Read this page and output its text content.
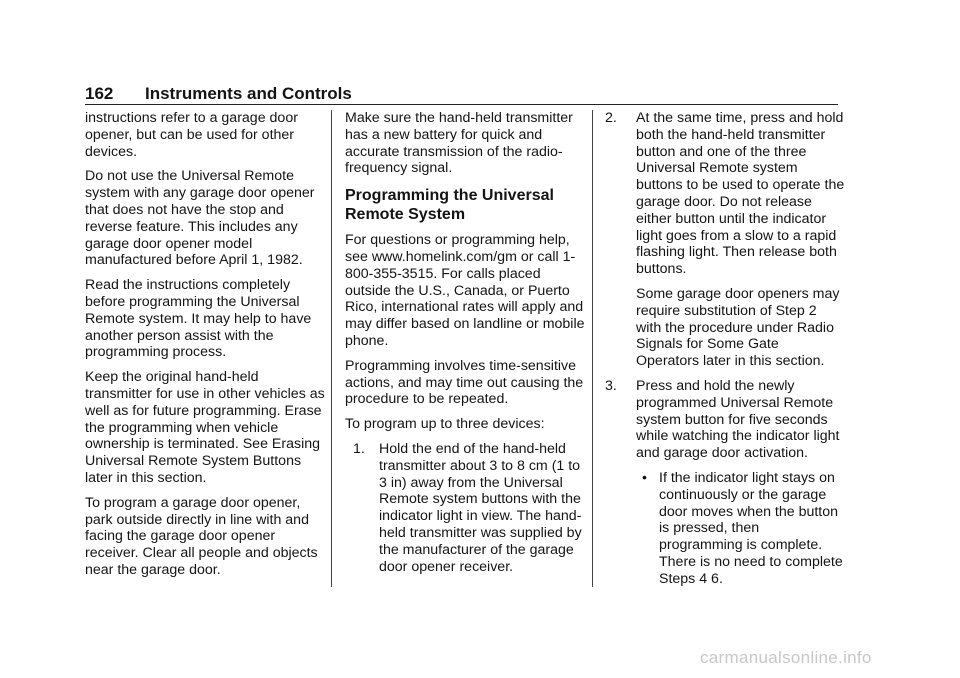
162 Instruments and Controls

instructions refer to a garage door opener, but can be used for other devices.

Do not use the Universal Remote system with any garage door opener that does not have the stop and reverse feature. This includes any garage door opener model manufactured before April 1, 1982.

Read the instructions completely before programming the Universal Remote system. It may help to have another person assist with the programming process.

Keep the original hand-held transmitter for use in other vehicles as well as for future programming. Erase the programming when vehicle ownership is terminated. See Erasing Universal Remote System Buttons later in this section.

To program a garage door opener, park outside directly in line with and facing the garage door opener receiver. Clear all people and objects near the garage door.

Make sure the hand-held transmitter has a new battery for quick and accurate transmission of the radio-frequency signal.

Programming the Universal Remote System

For questions or programming help, see www.homelink.com/gm or call 1-800-355-3515. For calls placed outside the U.S., Canada, or Puerto Rico, international rates will apply and may differ based on landline or mobile phone.

Programming involves time-sensitive actions, and may time out causing the procedure to be repeated.

To program up to three devices:

1. Hold the end of the hand-held transmitter about 3 to 8 cm (1 to 3 in) away from the Universal Remote system buttons with the indicator light in view. The hand-held transmitter was supplied by the manufacturer of the garage door opener receiver.
2. At the same time, press and hold both the hand-held transmitter button and one of the three Universal Remote system buttons to be used to operate the garage door. Do not release either button until the indicator light goes from a slow to a rapid flashing light. Then release both buttons.

Some garage door openers may require substitution of Step 2 with the procedure under Radio Signals for Some Gate Operators later in this section.

3. Press and hold the newly programmed Universal Remote system button for five seconds while watching the indicator light and garage door activation.
• If the indicator light stays on continuously or the garage door moves when the button is pressed, then programming is complete. There is no need to complete Steps 4 6.
carmanualsonline.info
